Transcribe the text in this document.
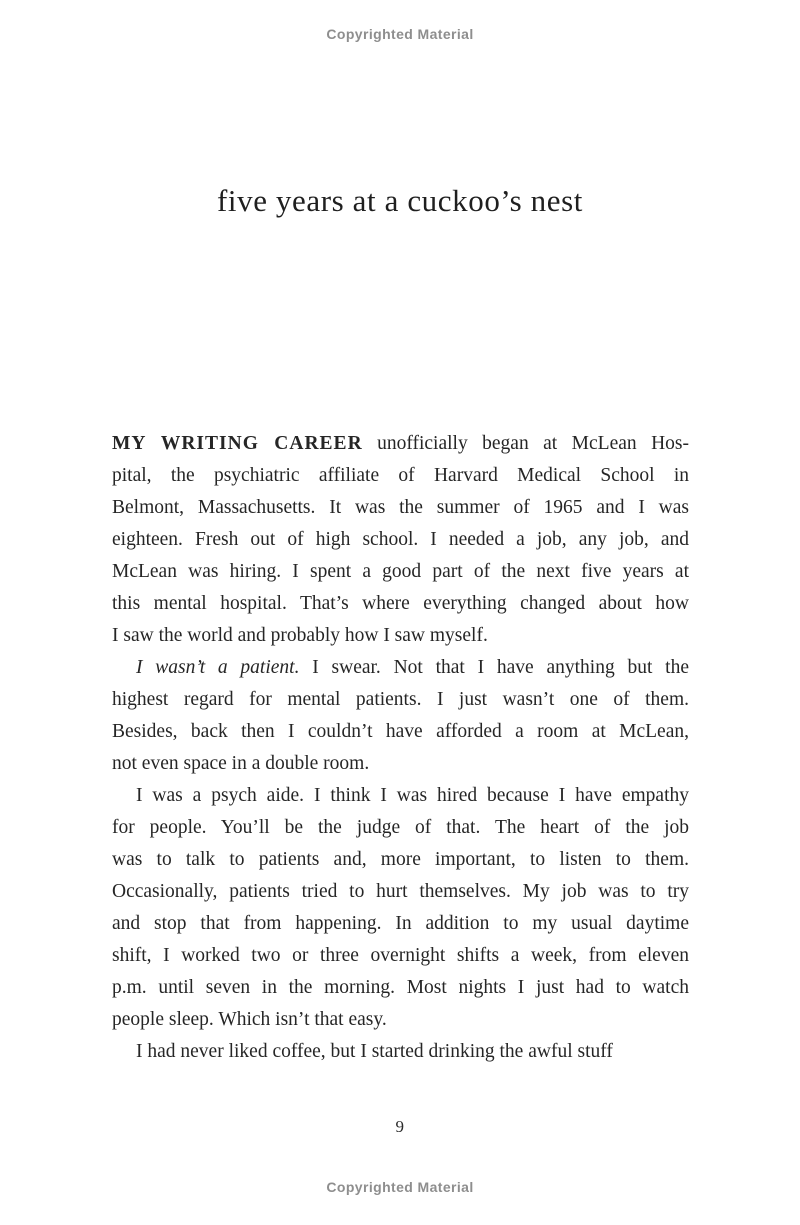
Copyrighted Material
five years at a cuckoo’s nest
MY WRITING CAREER unofficially began at McLean Hos-
pital, the psychiatric affiliate of Harvard Medical School in
Belmont, Massachusetts. It was the summer of 1965 and I was
eighteen. Fresh out of high school. I needed a job, any job, and
McLean was hiring. I spent a good part of the next five years at
this mental hospital. That’s where everything changed about how
I saw the world and probably how I saw myself.
I wasn’t a patient. I swear. Not that I have anything but the
highest regard for mental patients. I just wasn’t one of them.
Besides, back then I couldn’t have afforded a room at McLean,
not even space in a double room.
I was a psych aide. I think I was hired because I have empathy
for people. You’ll be the judge of that. The heart of the job
was to talk to patients and, more important, to listen to them.
Occasionally, patients tried to hurt themselves. My job was to try
and stop that from happening. In addition to my usual daytime
shift, I worked two or three overnight shifts a week, from eleven
p.m. until seven in the morning. Most nights I just had to watch
people sleep. Which isn’t that easy.
I had never liked coffee, but I started drinking the awful stuff
9
Copyrighted Material
